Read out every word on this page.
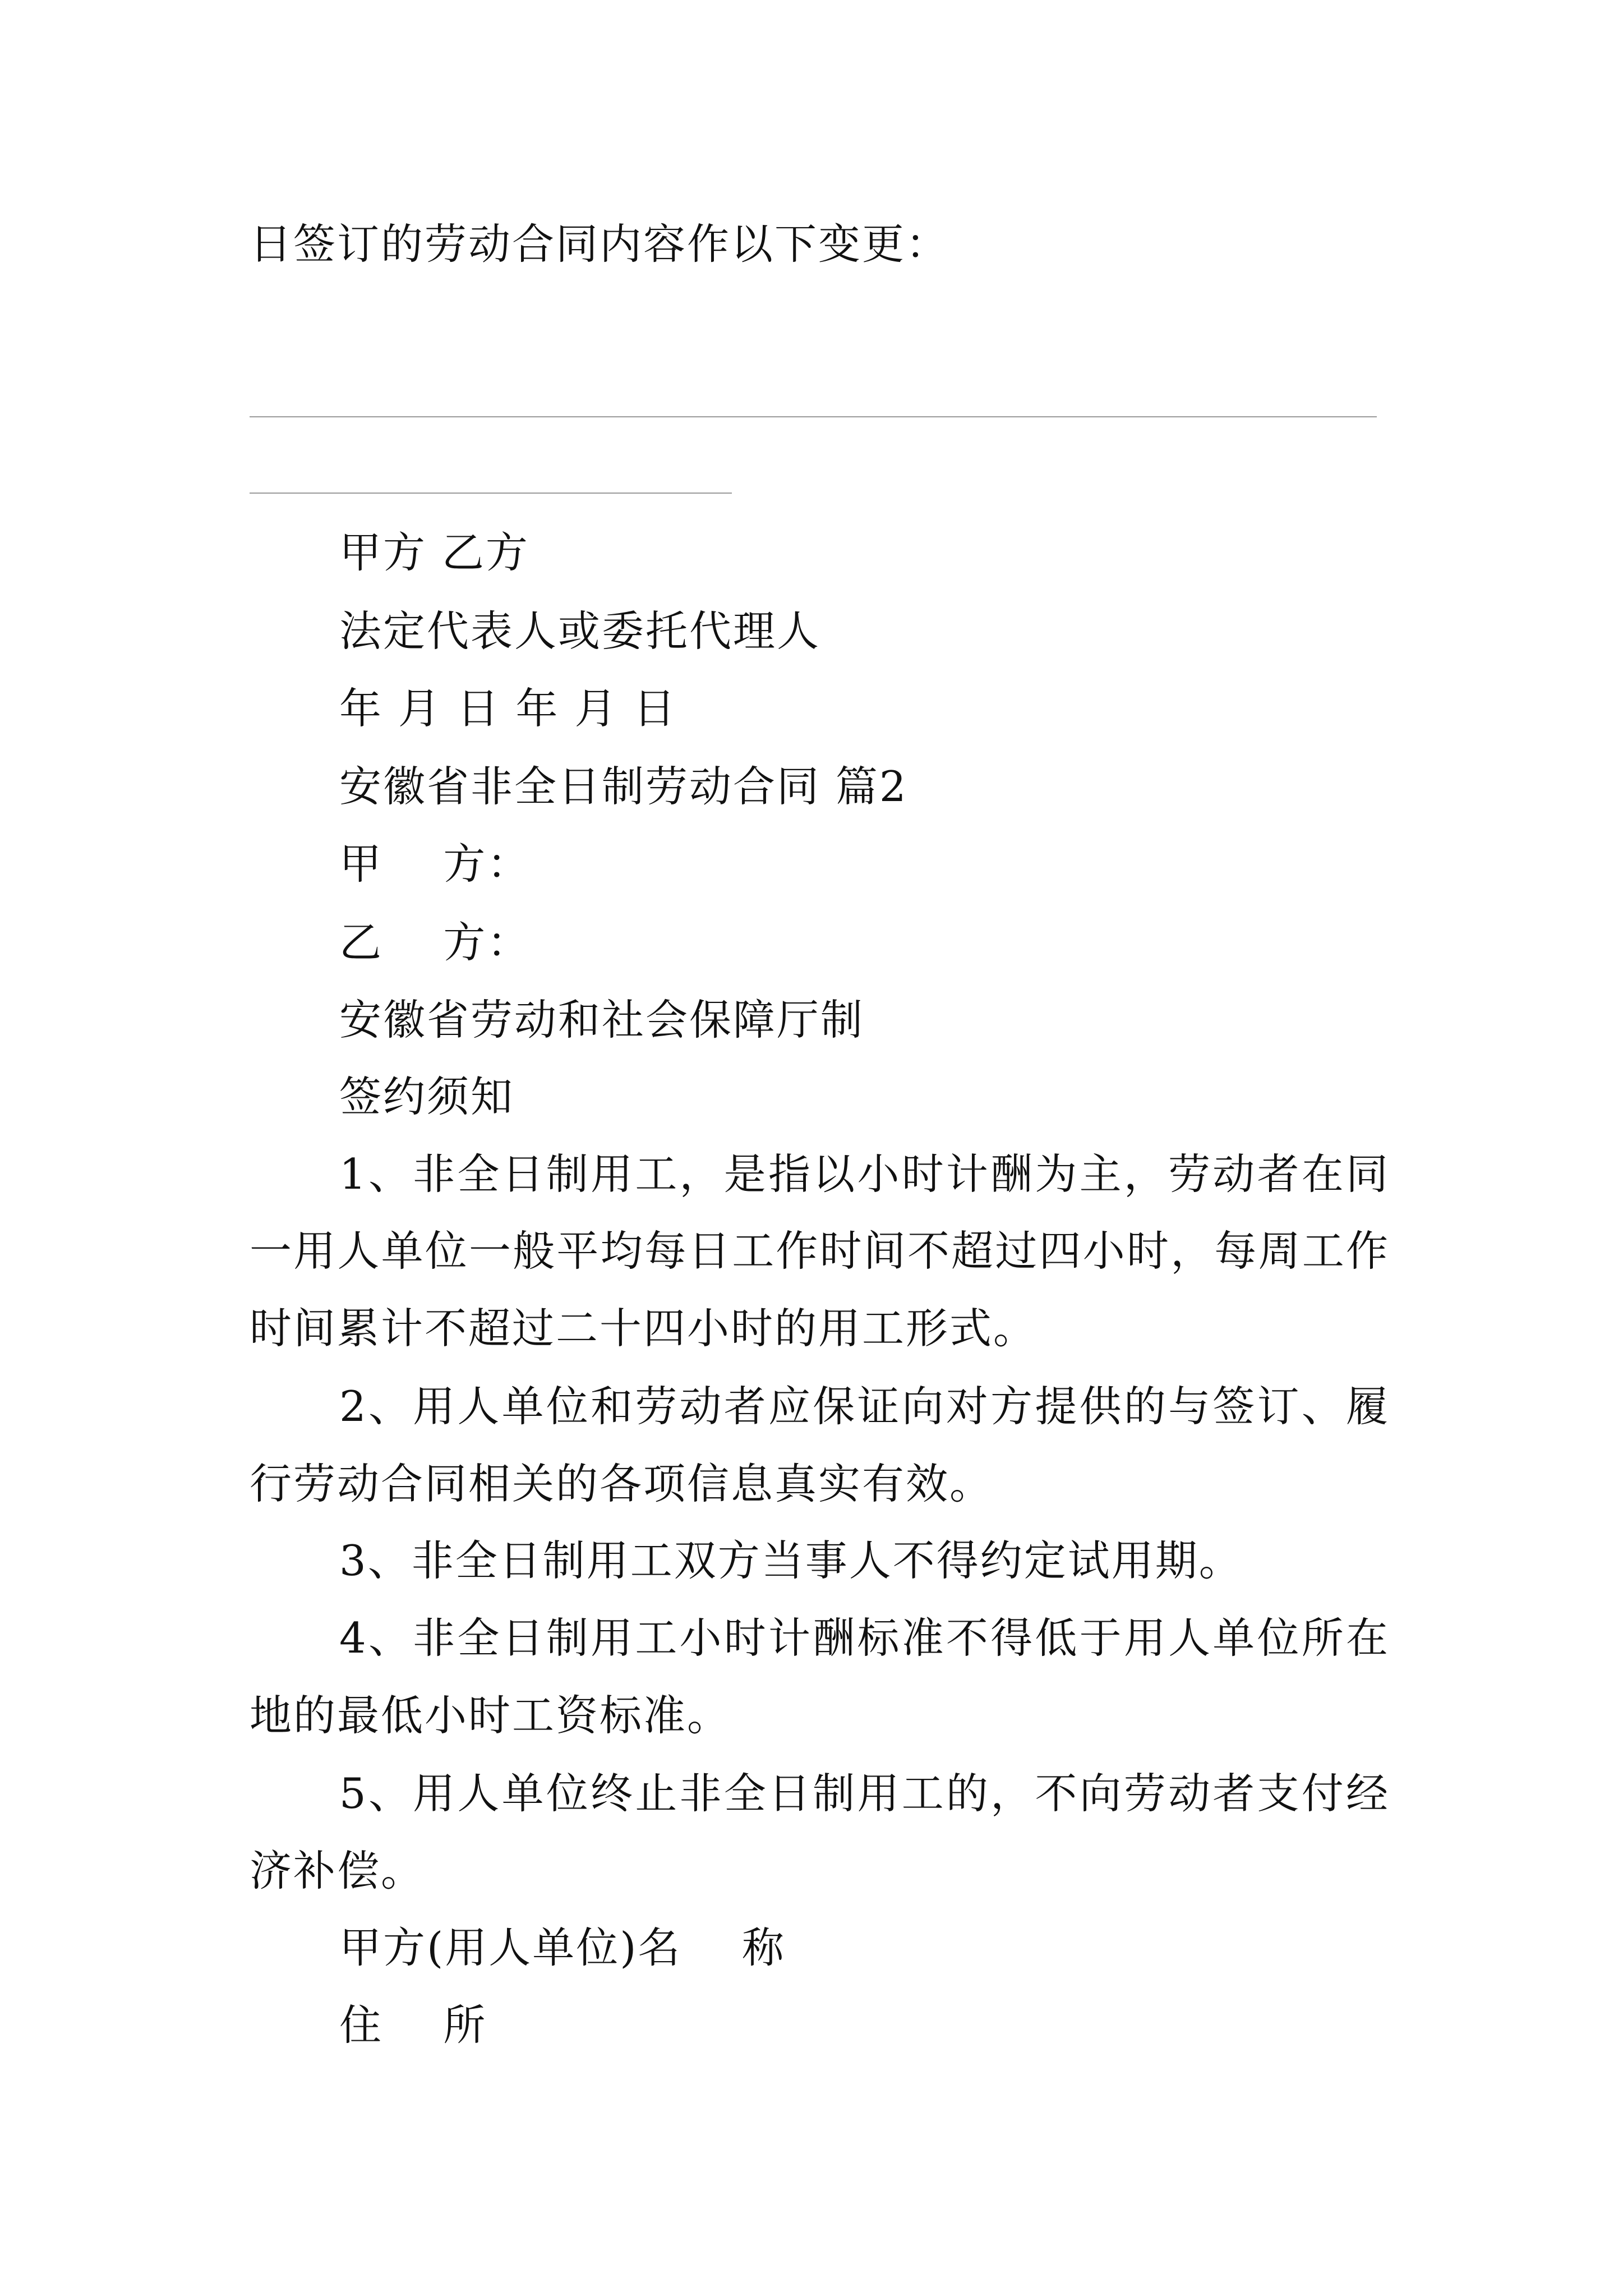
日签订的劳动合同内容作以下变更：
甲方 乙方
法定代表人或委托代理人
年 月 日 年 月 日
安徽省非全日制劳动合同 篇2
甲    方：
乙    方：
安徽省劳动和社会保障厅制
签约须知
1、非全日制用工，是指以小时计酬为主，劳动者在同
一用人单位一般平均每日工作时间不超过四小时，每周工作
时间累计不超过二十四小时的用工形式。
2、用人单位和劳动者应保证向对方提供的与签订、履
行劳动合同相关的各项信息真实有效。
3、非全日制用工双方当事人不得约定试用期。
4、非全日制用工小时计酬标准不得低于用人单位所在
地的最低小时工资标准。
5、用人单位终止非全日制用工的，不向劳动者支付经
济补偿。
甲方(用人单位)名    称
住    所
